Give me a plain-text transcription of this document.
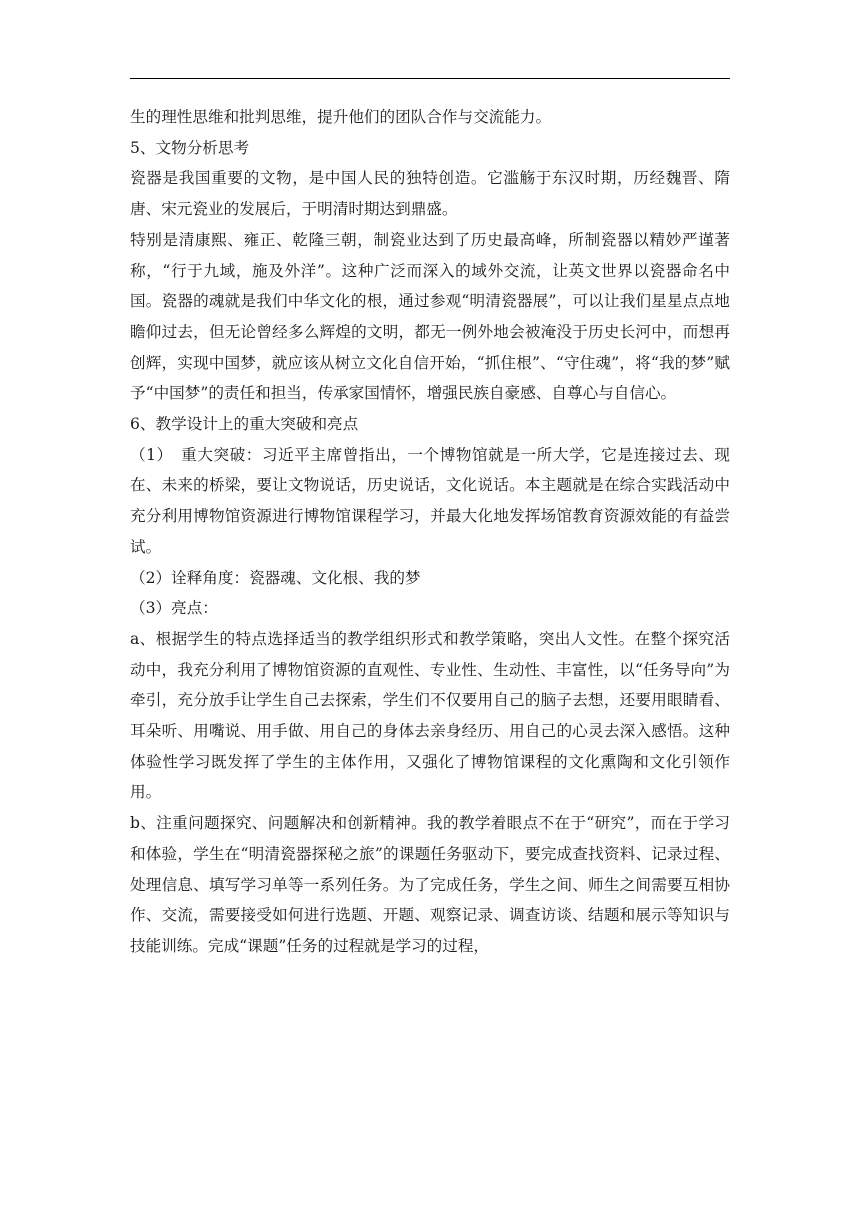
生的理性思维和批判思维，提升他们的团队合作与交流能力。

5、文物分析思考

瓷器是我国重要的文物，是中国人民的独特创造。它滥觞于东汉时期，历经魏晋、隋唐、宋元瓷业的发展后，于明清时期达到鼎盛。

特别是清康熙、雍正、乾隆三朝，制瓷业达到了历史最高峰，所制瓷器以精妙严谨著称，“行于九域，施及外洋”。这种广泛而深入的域外交流，让英文世界以瓷器命名中国。瓷器的魂就是我们中华文化的根，通过参观“明清瓷器展”，可以让我们星星点点地瞻仰过去，但无论曾经多么辉煌的文明，都无一例外地会被淹没于历史长河中，而想再创辉，实现中国梦，就应该从树立文化自信开始，“抓住根”、“守住魂”，将“我的梦”赋予“中国梦”的责任和担当，传承家国情怀，增强民族自豪感、自尊心与自信心。

6、教学设计上的重大突破和亮点

（1）　重大突破：习近平主席曾指出，一个博物馆就是一所大学，它是连接过去、现在、未来的桥梁，要让文物说话，历史说话，文化说话。本主题就是在综合实践活动中充分利用博物馆资源进行博物馆课程学习，并最大化地发挥场馆教育资源效能的有益尝试。

（2）诠释角度：瓷器魂、文化根、我的梦

（3）亮点：

a、根据学生的特点选择适当的教学组织形式和教学策略，突出人文性。在整个探究活动中，我充分利用了博物馆资源的直观性、专业性、生动性、丰富性，以“任务导向”为牵引，充分放手让学生自己去探索，学生们不仅要用自己的脑子去想，还要用眼睛看、耳朵听、用嘴说、用手做、用自己的身体去亲身经历、用自己的心灵去深入感悟。这种体验性学习既发挥了学生的主体作用，又强化了博物馆课程的文化熏陶和文化引领作用。

b、注重问题探究、问题解决和创新精神。我的教学着眼点不在于“研究”，而在于学习和体验，学生在“明清瓷器探秘之旅”的课题任务驱动下，要完成查找资料、记录过程、处理信息、填写学习单等一系列任务。为了完成任务，学生之间、师生之间需要互相协作、交流，需要接受如何进行选题、开题、观察记录、调查访谈、结题和展示等知识与技能训练。完成“课题”任务的过程就是学习的过程，
